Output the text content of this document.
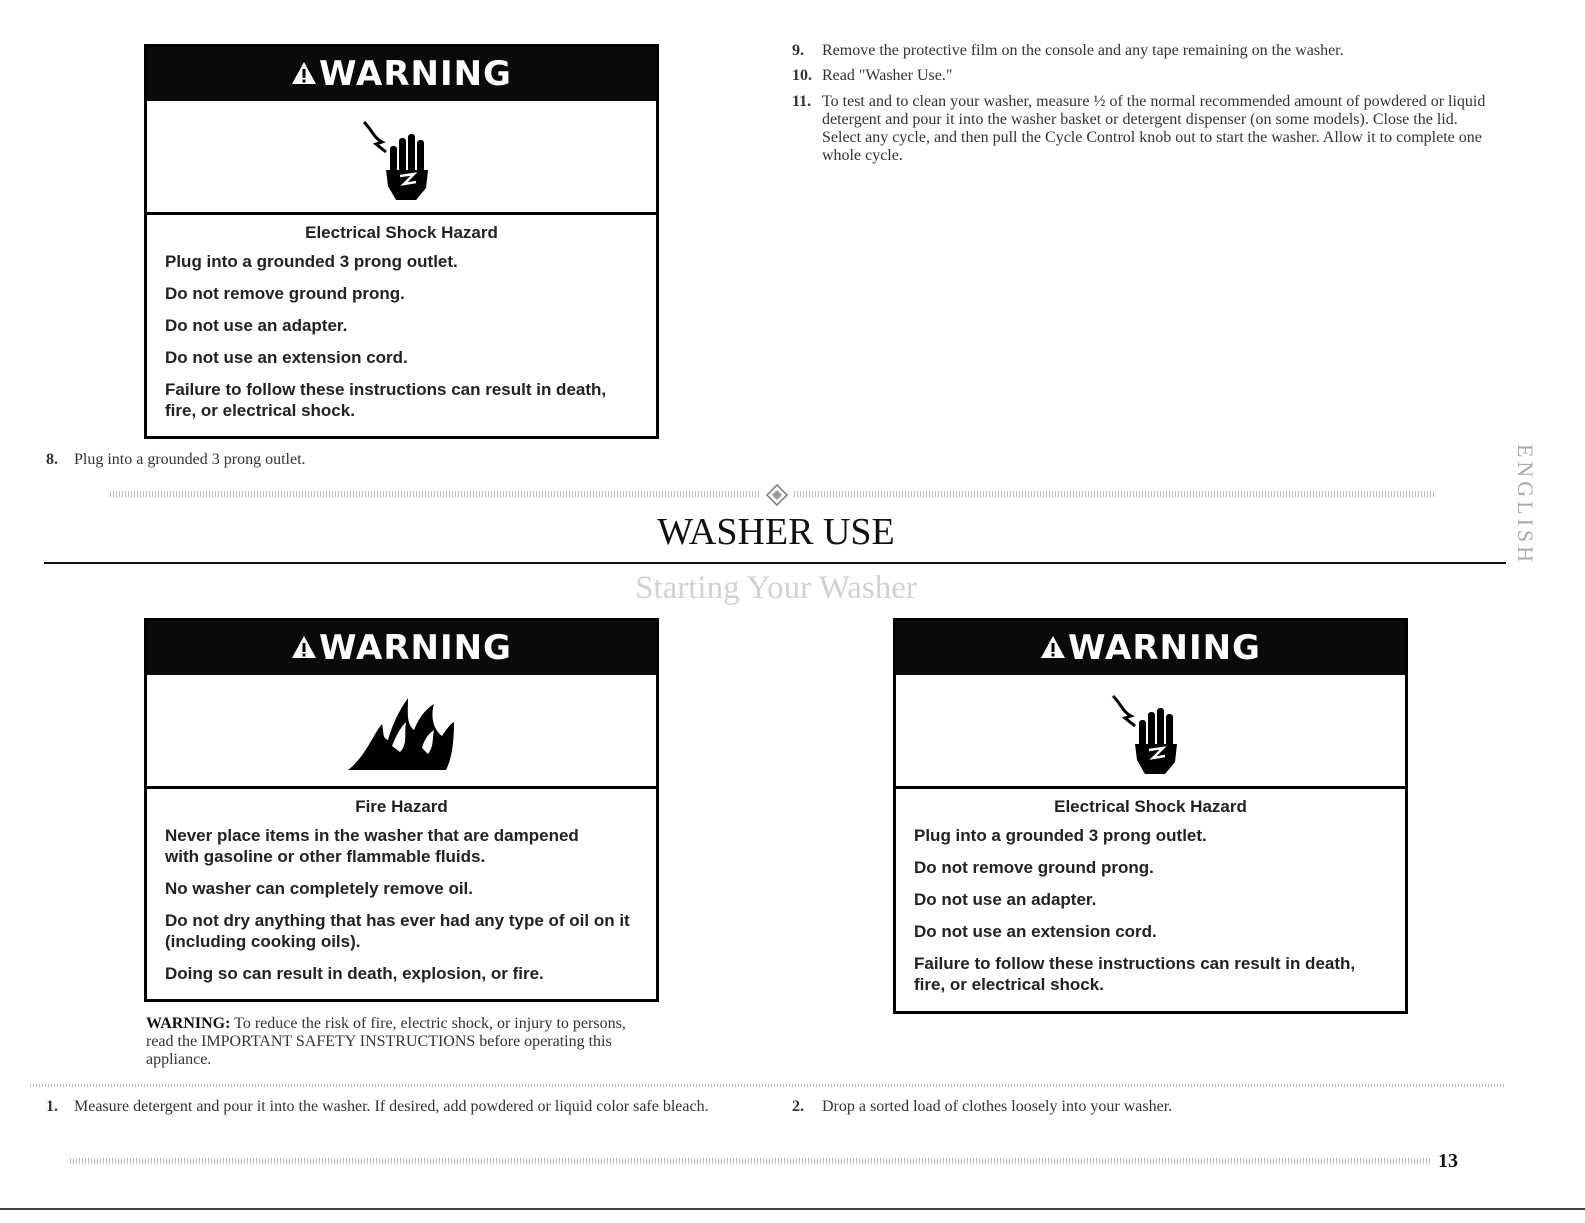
WARNING
Electrical Shock Hazard
Plug into a grounded 3 prong outlet.
Do not remove ground prong.
Do not use an adapter.
Do not use an extension cord.
Failure to follow these instructions can result in death, fire, or electrical shock.
8. Plug into a grounded 3 prong outlet.
9. Remove the protective film on the console and any tape remaining on the washer.
10. Read "Washer Use."
11. To test and to clean your washer, measure ½ of the normal recommended amount of powdered or liquid detergent and pour it into the washer basket or detergent dispenser (on some models). Close the lid. Select any cycle, and then pull the Cycle Control knob out to start the washer. Allow it to complete one whole cycle.
WASHER USE
Starting Your Washer
ENGLISH
WARNING
Fire Hazard
Never place items in the washer that are dampened with gasoline or other flammable fluids.
No washer can completely remove oil.
Do not dry anything that has ever had any type of oil on it (including cooking oils).
Doing so can result in death, explosion, or fire.
WARNING: To reduce the risk of fire, electric shock, or injury to persons, read the IMPORTANT SAFETY INSTRUCTIONS before operating this appliance.
WARNING
Electrical Shock Hazard
Plug into a grounded 3 prong outlet.
Do not remove ground prong.
Do not use an adapter.
Do not use an extension cord.
Failure to follow these instructions can result in death, fire, or electrical shock.
1. Measure detergent and pour it into the washer. If desired, add powdered or liquid color safe bleach.	2. Drop a sorted load of clothes loosely into your washer.
13
